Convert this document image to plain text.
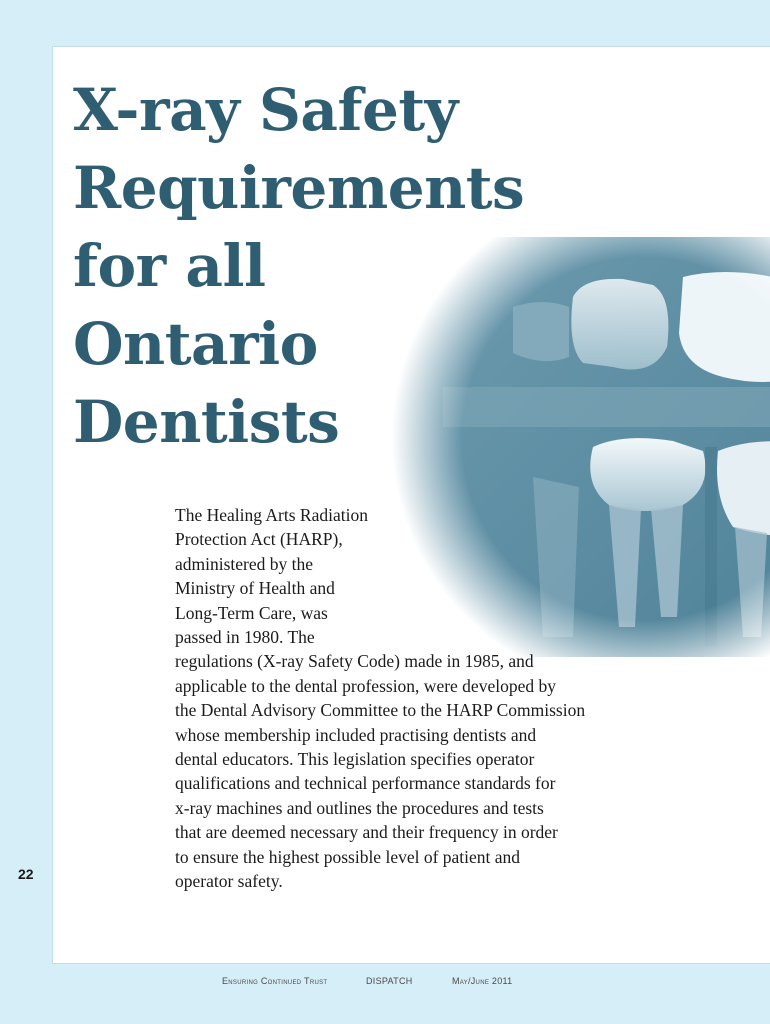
X-ray Safety
Requirements
for all
Ontario
Dentists

The Healing Arts Radiation
Protection Act (HARP),
administered by the
Ministry of Health and
Long-Term Care, was
passed in 1980. The
regulations (X-ray Safety Code) made in 1985, and
applicable to the dental profession, were developed by
the Dental Advisory Committee to the HARP Commission
whose membership included practising dentists and
dental educators. This legislation specifies operator
qualifications and technical performance standards for
x-ray machines and outlines the procedures and tests
that are deemed necessary and their frequency in order
to ensure the highest possible level of patient and
operator safety.

22
Ensuring Continued Trust	DISPATCH	May/June 2011
